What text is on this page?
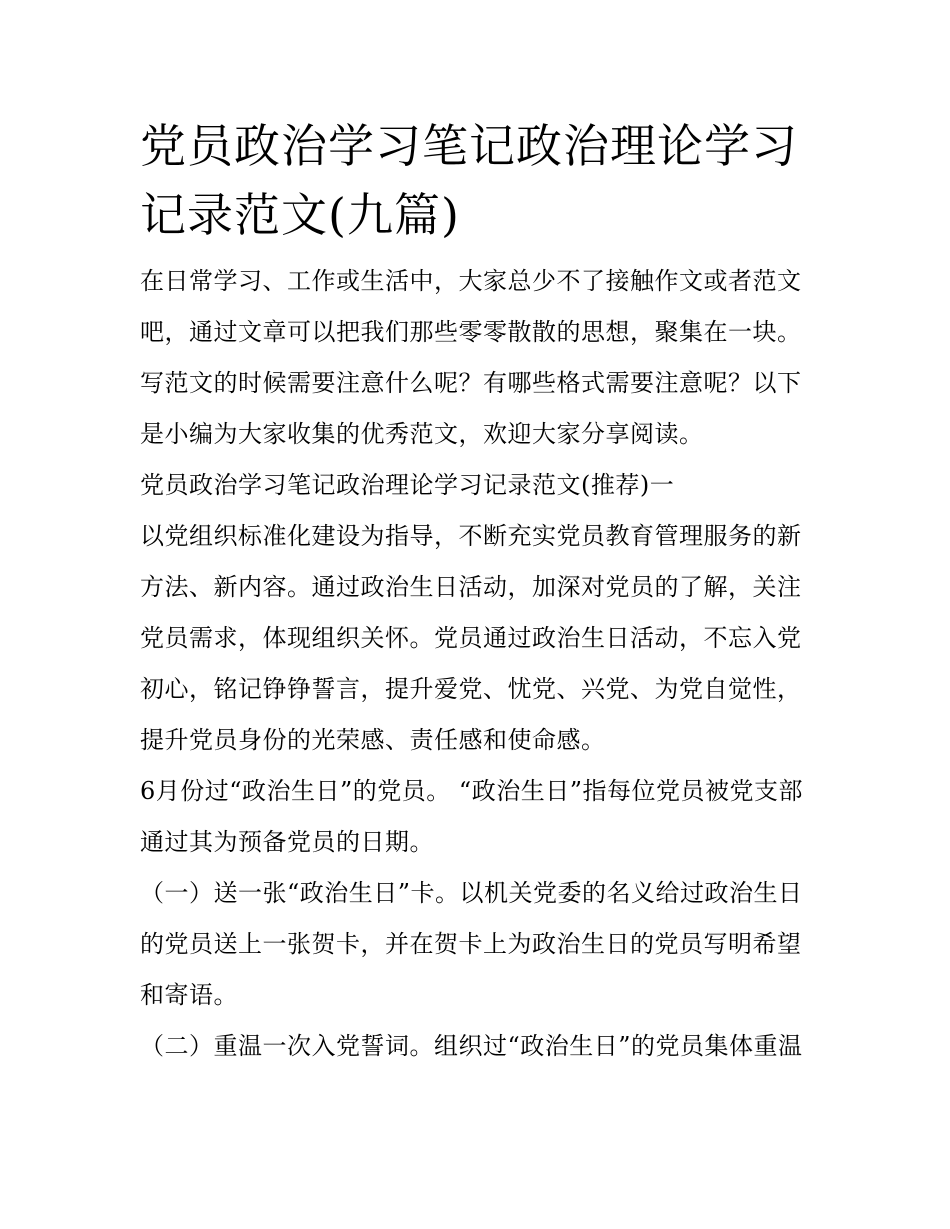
党员政治学习笔记政治理论学习记录范文(九篇)

在日常学习、工作或生活中，大家总少不了接触作文或者范文吧，通过文章可以把我们那些零零散散的思想，聚集在一块。写范文的时候需要注意什么呢？有哪些格式需要注意呢？以下是小编为大家收集的优秀范文，欢迎大家分享阅读。

党员政治学习笔记政治理论学习记录范文(推荐)一

以党组织标准化建设为指导，不断充实党员教育管理服务的新方法、新内容。通过政治生日活动，加深对党员的了解，关注党员需求，体现组织关怀。党员通过政治生日活动，不忘入党初心，铭记铮铮誓言，提升爱党、忧党、兴党、为党自觉性，提升党员身份的光荣感、责任感和使命感。

6月份过“政治生日”的党员。 “政治生日”指每位党员被党支部通过其为预备党员的日期。

（一）送一张“政治生日”卡。以机关党委的名义给过政治生日的党员送上一张贺卡，并在贺卡上为政治生日的党员写明希望和寄语。

（二）重温一次入党誓词。组织过“政治生日”的党员集体重温
